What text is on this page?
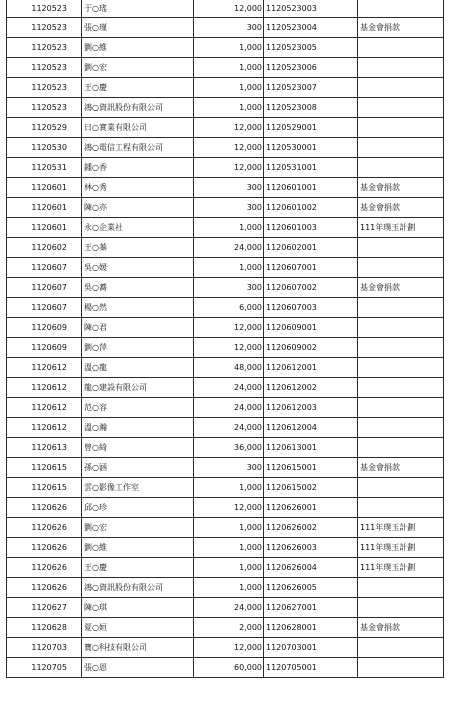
1120523	于○瑤	12,000	1120523003	
1120523	張○瑾	300	1120523004	基金會捐款
1120523	劉○維	1,000	1120523005	
1120523	劉○宏	1,000	1120523006	
1120523	王○慶	1,000	1120523007	
1120523	鴻○資訊股份有限公司	1,000	1120523008	
1120529	日○實業有限公司	12,000	1120529001	
1120530	鴻○電信工程有限公司	12,000	1120530001	
1120531	鍾○香	12,000	1120531001	
1120601	林○秀	300	1120601001	基金會捐款
1120601	陳○亦	300	1120601002	基金會捐款
1120601	永○企業社	1,000	1120601003	111年璞玉計劃
1120602	王○蓁	24,000	1120602001	
1120607	吳○媛	1,000	1120607001	
1120607	吳○蕎	300	1120607002	基金會捐款
1120607	楊○然	6,000	1120607003	
1120609	陳○君	12,000	1120609001	
1120609	劉○萍	12,000	1120609002	
1120612	溫○龍	48,000	1120612001	
1120612	龍○建設有限公司	24,000	1120612002	
1120612	范○容	24,000	1120612003	
1120612	溫○瀚	24,000	1120612004	
1120613	曾○綺	36,000	1120613001	
1120615	孫○涵	300	1120615001	基金會捐款
1120615	雲○影像工作室	1,000	1120615002	
1120626	邱○珍	12,000	1120626001	
1120626	劉○宏	1,000	1120626002	111年璞玉計劃
1120626	劉○維	1,000	1120626003	111年璞玉計劃
1120626	王○慶	1,000	1120626004	111年璞玉計劃
1120626	鴻○資訊股份有限公司	1,000	1120626005	
1120627	陳○琪	24,000	1120627001	
1120628	夏○姮	2,000	1120628001	基金會捐款
1120703	寶○科技有限公司	12,000	1120703001	
1120705	張○恩	60,000	1120705001	
